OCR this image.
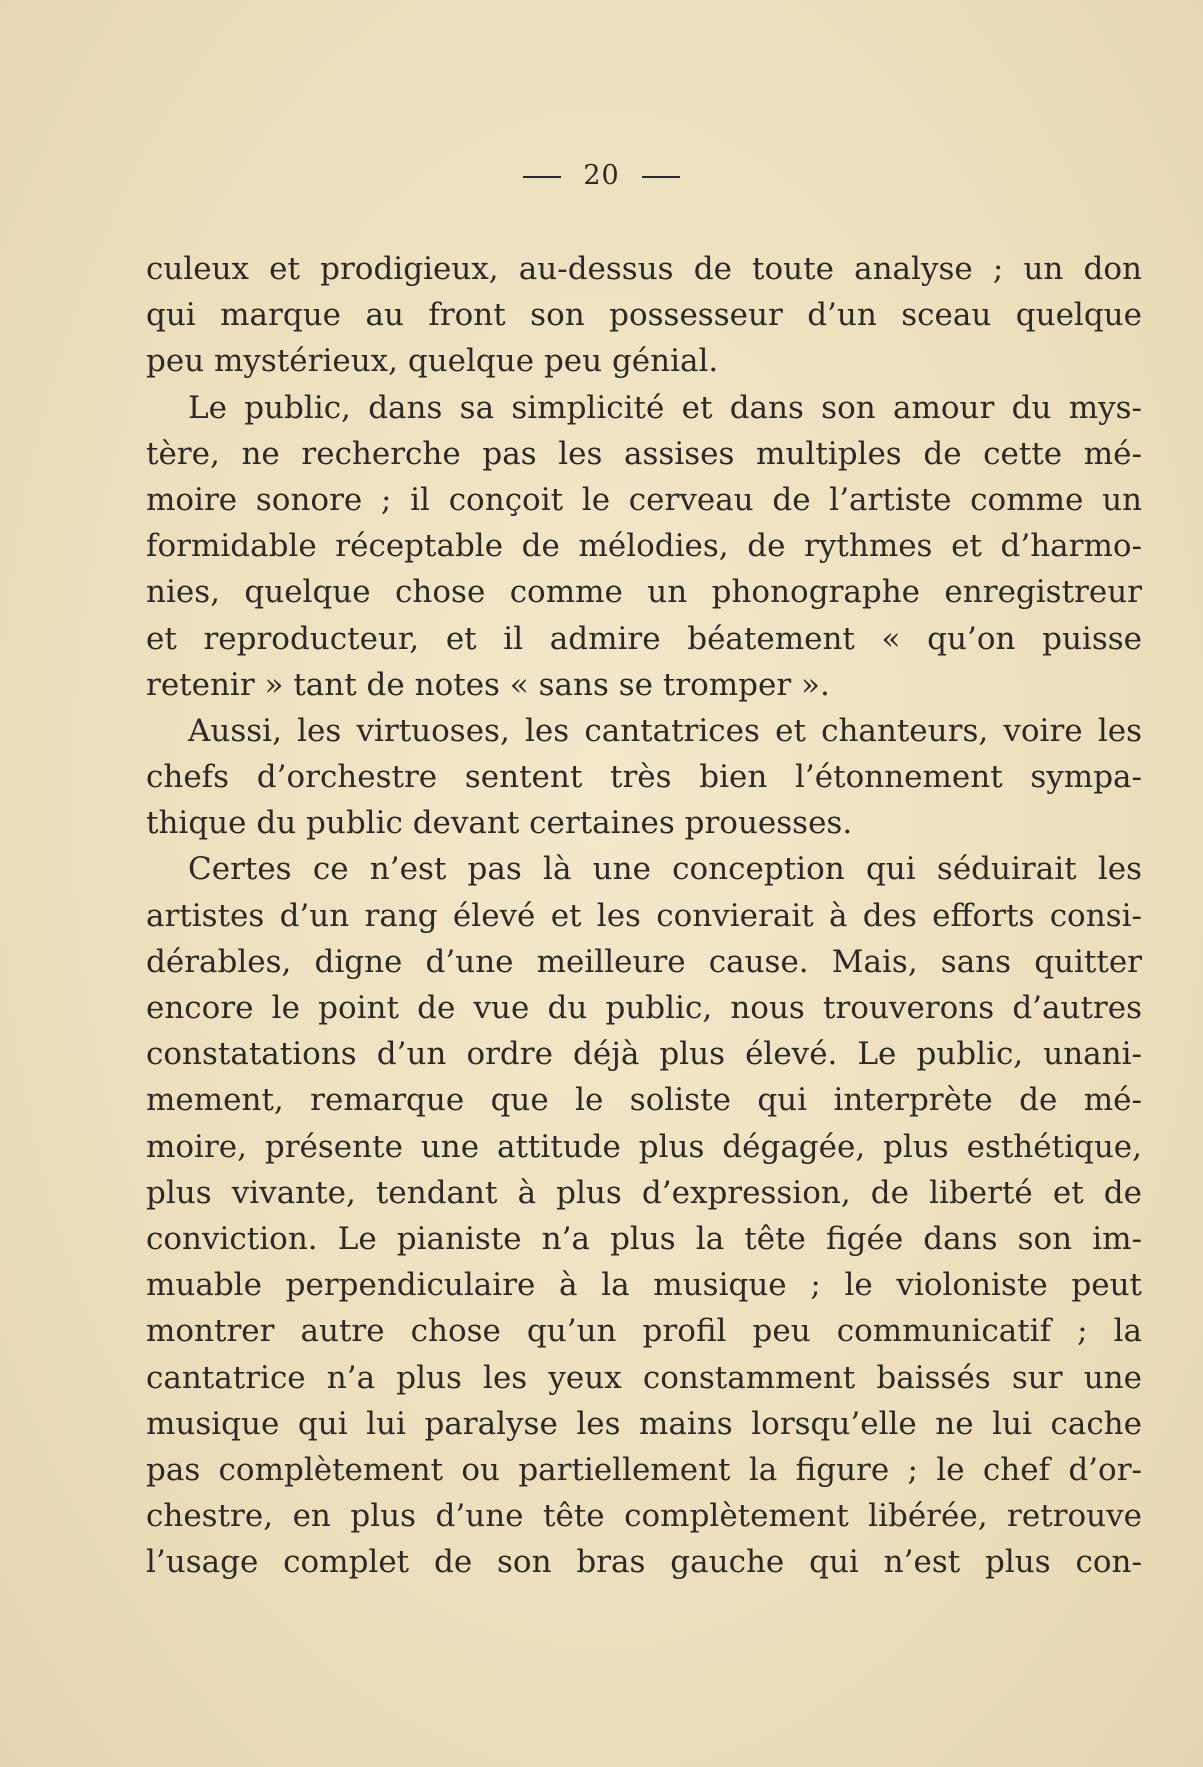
20
culeux et prodigieux, au-dessus de toute analyse ; un don
qui marque au front son possesseur d’un sceau quelque
peu mystérieux, quelque peu génial.
Le public, dans sa simplicité et dans son amour du mys-
tère, ne recherche pas les assises multiples de cette mé-
moire sonore ; il conçoit le cerveau de l’artiste comme un
formidable réceptable de mélodies, de rythmes et d’harmo-
nies, quelque chose comme un phonographe enregistreur
et reproducteur, et il admire béatement « qu’on puisse
retenir » tant de notes « sans se tromper ».
Aussi, les virtuoses, les cantatrices et chanteurs, voire les
chefs d’orchestre sentent très bien l’étonnement sympa-
thique du public devant certaines prouesses.
Certes ce n’est pas là une conception qui séduirait les
artistes d’un rang élevé et les convierait à des efforts consi-
dérables, digne d’une meilleure cause. Mais, sans quitter
encore le point de vue du public, nous trouverons d’autres
constatations d’un ordre déjà plus élevé. Le public, unani-
mement, remarque que le soliste qui interprète de mé-
moire, présente une attitude plus dégagée, plus esthétique,
plus vivante, tendant à plus d’expression, de liberté et de
conviction. Le pianiste n’a plus la tête figée dans son im-
muable perpendiculaire à la musique ; le violoniste peut
montrer autre chose qu’un profil peu communicatif ; la
cantatrice n’a plus les yeux constamment baissés sur une
musique qui lui paralyse les mains lorsqu’elle ne lui cache
pas complètement ou partiellement la figure ; le chef d’or-
chestre, en plus d’une tête complètement libérée, retrouve
l’usage complet de son bras gauche qui n’est plus con-
